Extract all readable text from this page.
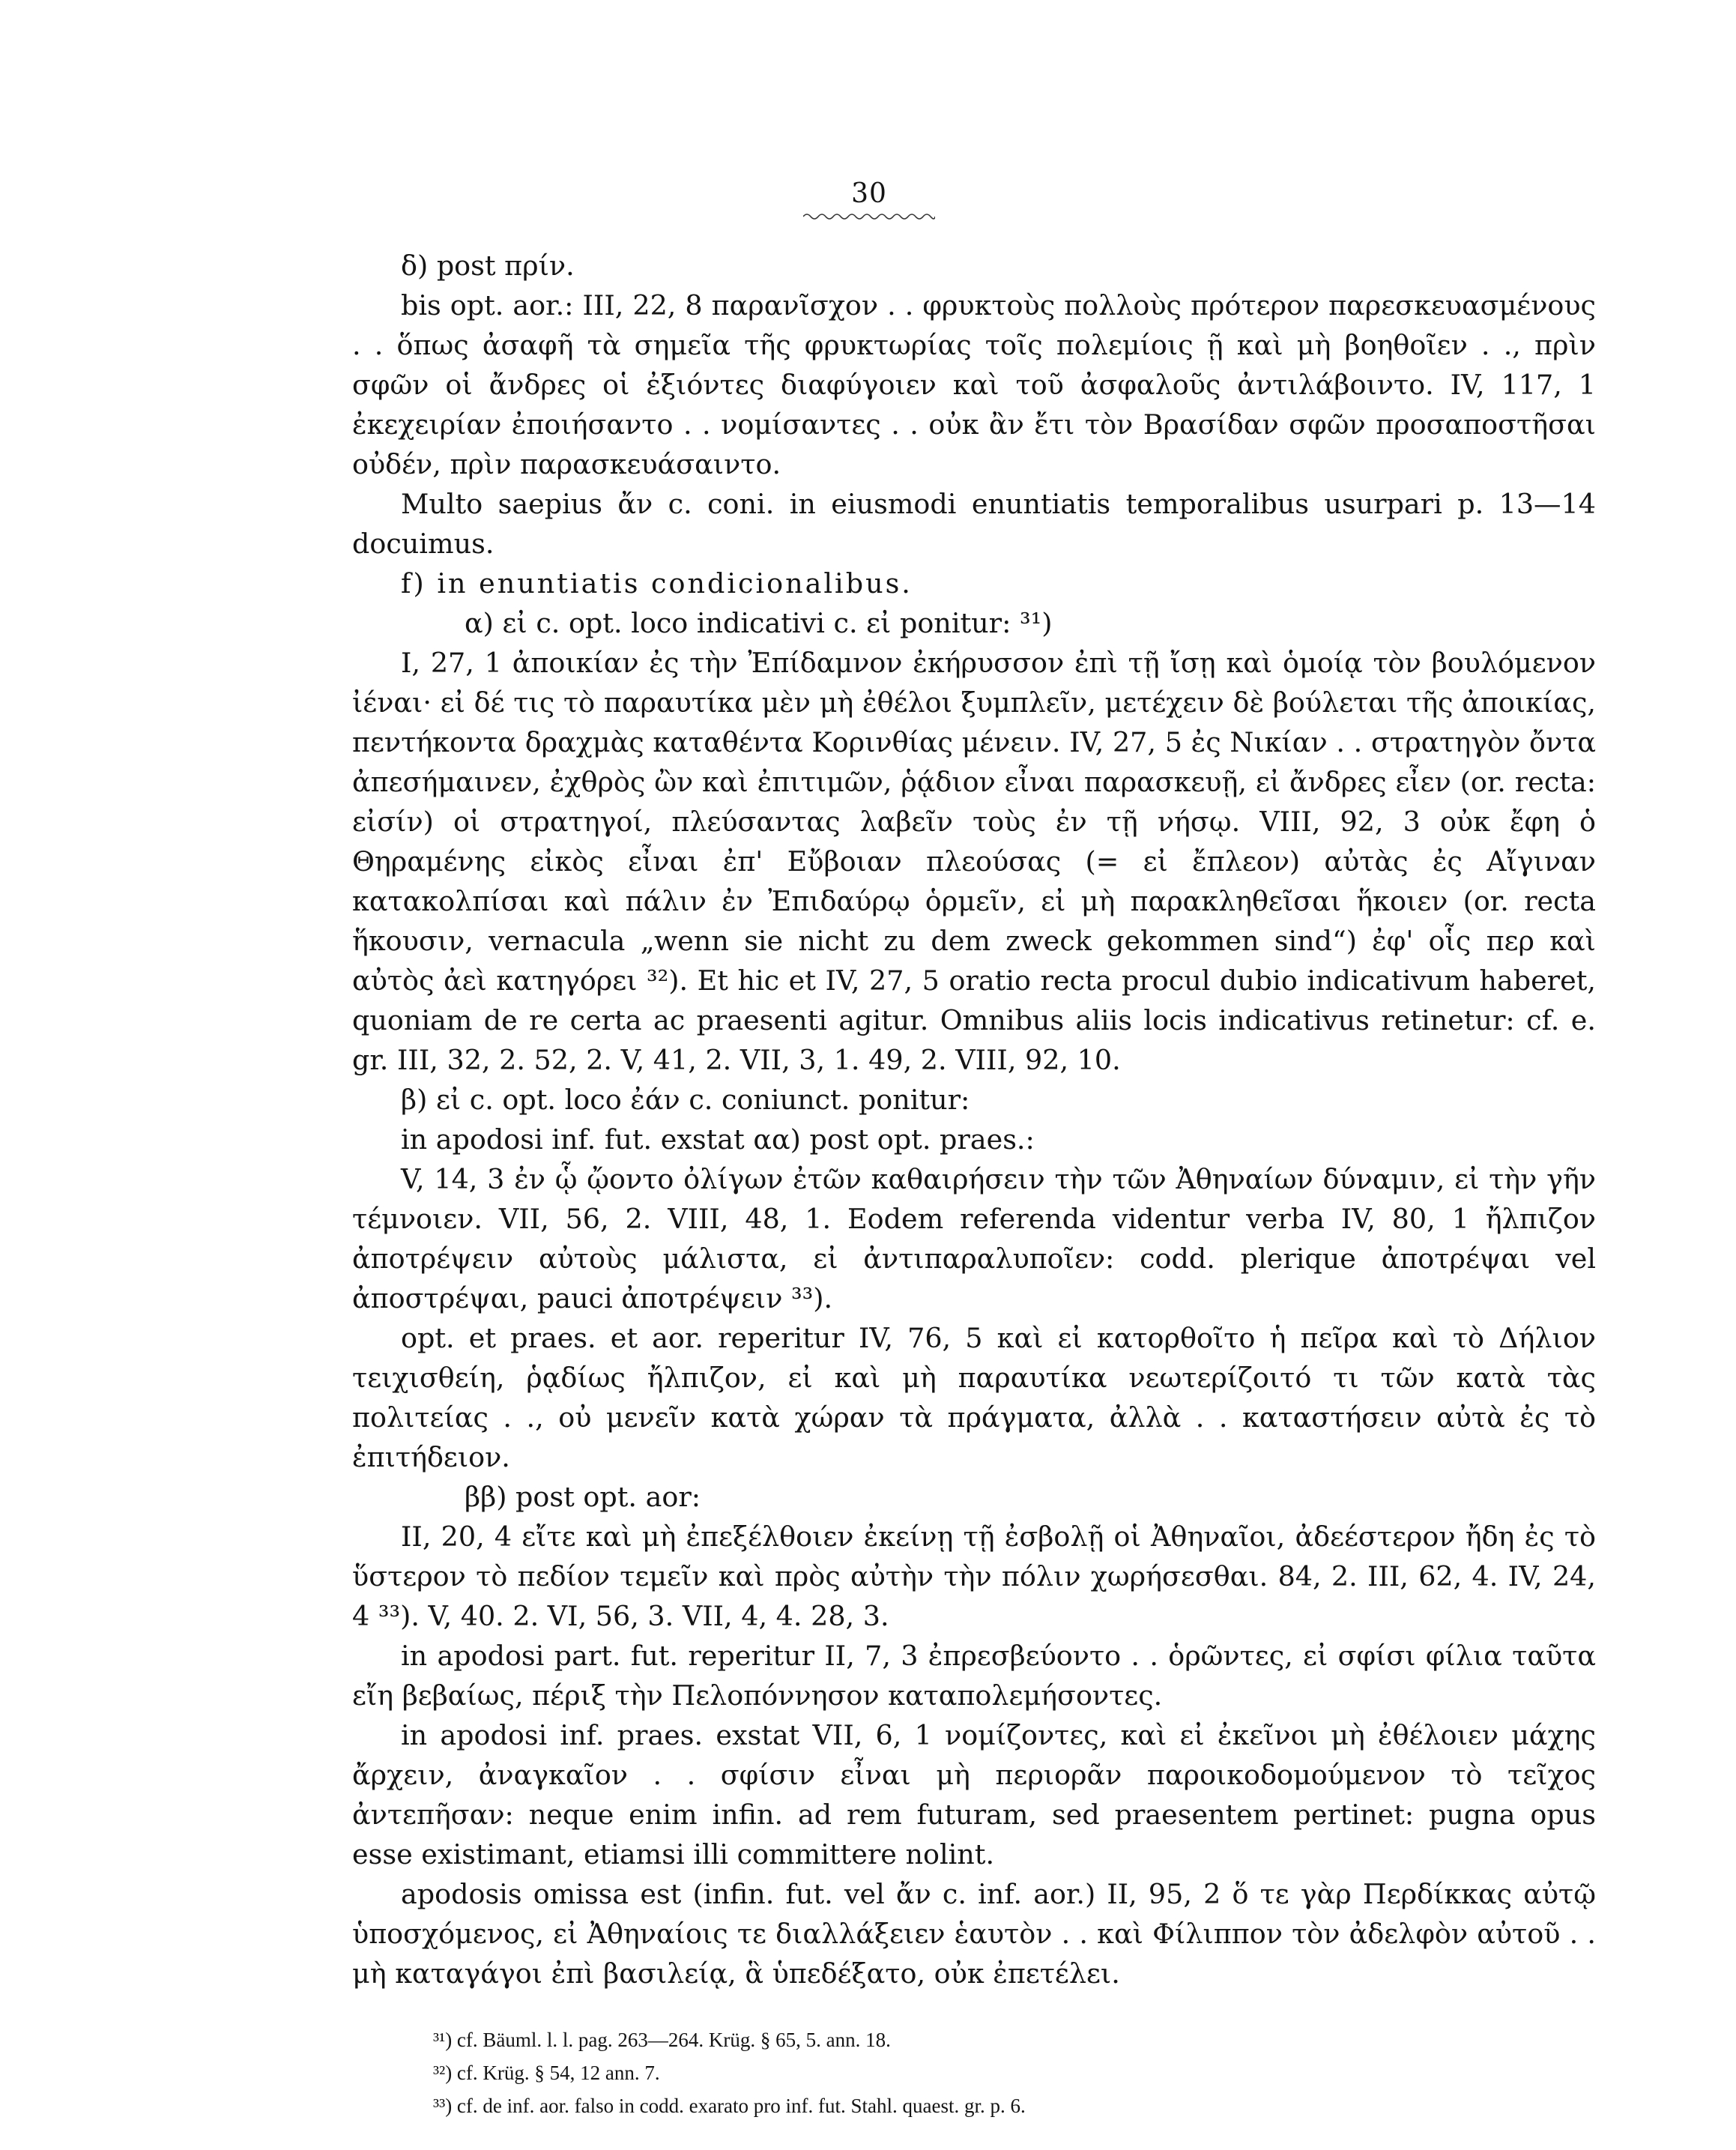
30

δ) post πρίν.

bis opt. aor.: III, 22, 8 παρανῖσχον . . φρυκτοὺς πολλοὺς πρότερον παρεσκευασμένους . . ὅπως ἀσαφῆ τὰ σημεῖα τῆς φρυκτωρίας τοῖς πολεμίοις ῇ καὶ μὴ βοηθοῖεν . ., πρὶν σφῶν οἱ ἄνδρες οἱ ἐξιόντες διαφύγοιεν καὶ τοῦ ἀσφαλοῦς ἀντιλάβοιντο. IV, 117, 1 ἐκεχειρίαν ἐποιήσαντο . . νομίσαντες . . οὐκ ἂν ἔτι τὸν Βρασίδαν σφῶν προσαποστῆσαι οὐδέν, πρὶν παρασκευάσαιντο.

Multo saepius ἄν c. coni. in eiusmodi enuntiatis temporalibus usurpari p. 13—14 docuimus.

f) in enuntiatis condicionalibus.

α) εἰ c. opt. loco indicativi c. εἰ ponitur: ³¹)

I, 27, 1 ἀποικίαν ἐς τὴν Ἐπίδαμνον ἐκήρυσσον ἐπὶ τῇ ἴσῃ καὶ ὁμοίᾳ τὸν βουλόμενον ἰέναι· εἰ δέ τις τὸ παραυτίκα μὲν μὴ ἐθέλοι ξυμπλεῖν, μετέχειν δὲ βούλεται τῆς ἀποικίας, πεντήκοντα δραχμὰς καταθέντα Κορινθίας μένειν. IV, 27, 5 ἐς Νικίαν . . στρατηγὸν ὄντα ἀπεσήμαινεν, ἐχθρὸς ὢν καὶ ἐπιτιμῶν, ῥᾴδιον εἶναι παρασκευῇ, εἰ ἄνδρες εἶεν (or. recta: εἰσίν) οἱ στρατηγοί, πλεύσαντας λαβεῖν τοὺς ἐν τῇ νήσῳ. VIII, 92, 3 οὐκ ἔφη ὁ Θηραμένης εἰκὸς εἶναι ἐπ' Εὔβοιαν πλεούσας (= εἰ ἔπλεον) αὐτὰς ἐς Αἴγιναν κατακολπίσαι καὶ πάλιν ἐν Ἐπιδαύρῳ ὁρμεῖν, εἰ μὴ παρακληθεῖσαι ἥκοιεν (or. recta ἥκουσιν, vernacula „wenn sie nicht zu dem zweck gekommen sind“) ἐφ' οἷς περ καὶ αὐτὸς ἀεὶ κατηγόρει ³²). Et hic et IV, 27, 5 oratio recta procul dubio indicativum haberet, quoniam de re certa ac praesenti agitur. Omnibus aliis locis indicativus retinetur: cf. e. gr. III, 32, 2. 52, 2. V, 41, 2. VII, 3, 1. 49, 2. VIII, 92, 10.

β) εἰ c. opt. loco ἐάν c. coniunct. ponitur:

in apodosi inf. fut. exstat αα) post opt. praes.:

V, 14, 3 ἐν ᾧ ᾤοντο ὀλίγων ἐτῶν καθαιρήσειν τὴν τῶν Ἀθηναίων δύναμιν, εἰ τὴν γῆν τέμνοιεν. VII, 56, 2. VIII, 48, 1. Eodem referenda videntur verba IV, 80, 1 ἤλπιζον ἀποτρέψειν αὐτοὺς μάλιστα, εἰ ἀντιπαραλυποῖεν: codd. plerique ἀποτρέψαι vel ἀποστρέψαι, pauci ἀποτρέψειν ³³).

opt. et praes. et aor. reperitur IV, 76, 5 καὶ εἰ κατορθοῖτο ἡ πεῖρα καὶ τὸ Δήλιον τειχισθείη, ῥᾳδίως ἤλπιζον, εἰ καὶ μὴ παραυτίκα νεωτερίζοιτό τι τῶν κατὰ τὰς πολιτείας . ., οὐ μενεῖν κατὰ χώραν τὰ πράγματα, ἀλλὰ . . καταστήσειν αὐτὰ ἐς τὸ ἐπιτήδειον.

ββ) post opt. aor:

II, 20, 4 εἴτε καὶ μὴ ἐπεξέλθοιεν ἐκείνῃ τῇ ἐσβολῇ οἱ Ἀθηναῖοι, ἀδεέστερον ἤδη ἐς τὸ ὕστερον τὸ πεδίον τεμεῖν καὶ πρὸς αὐτὴν τὴν πόλιν χωρήσεσθαι. 84, 2. III, 62, 4. IV, 24, 4 ³³). V, 40. 2. VI, 56, 3. VII, 4, 4. 28, 3.

in apodosi part. fut. reperitur II, 7, 3 ἐπρεσβεύοντο . . ὁρῶντες, εἰ σφίσι φίλια ταῦτα εἴη βεβαίως, πέριξ τὴν Πελοπόννησον καταπολεμήσοντες.

in apodosi inf. praes. exstat VII, 6, 1 νομίζοντες, καὶ εἰ ἐκεῖνοι μὴ ἐθέλοιεν μάχης ἄρχειν, ἀναγκαῖον . . σφίσιν εἶναι μὴ περιορᾶν παροικοδομούμενον τὸ τεῖχος ἀντεπῆσαν: neque enim infin. ad rem futuram, sed praesentem pertinet: pugna opus esse existimant, etiamsi illi committere nolint.

apodosis omissa est (infin. fut. vel ἄν c. inf. aor.) II, 95, 2 ὅ τε γὰρ Περδίκκας αὐτῷ ὑποσχόμενος, εἰ Ἀθηναίοις τε διαλλάξειεν ἑαυτὸν . . καὶ Φίλιππον τὸν ἀδελφὸν αὐτοῦ . . μὴ καταγάγοι ἐπὶ βασιλείᾳ, ἃ ὑπεδέξατο, οὐκ ἐπετέλει.

³¹) cf. Bäuml. l. l. pag. 263—264. Krüg. § 65, 5. ann. 18.
³²) cf. Krüg. § 54, 12 ann. 7.
³³) cf. de inf. aor. falso in codd. exarato pro inf. fut. Stahl. quaest. gr. p. 6.
